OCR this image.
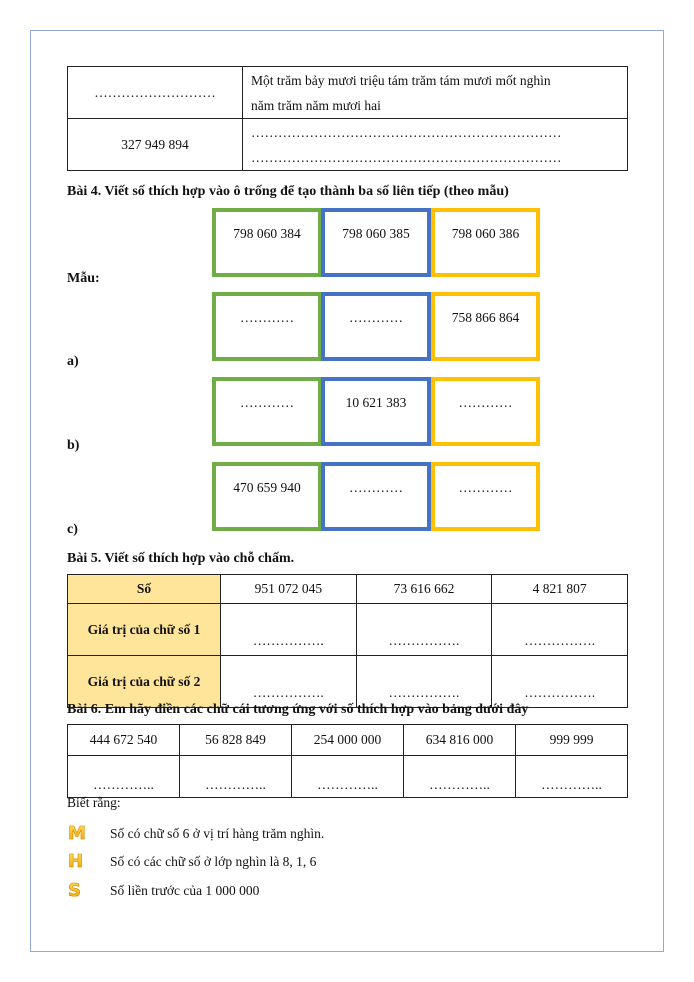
………………………	Một trăm bảy mươi triệu tám trăm tám mươi mốt nghìn
năm trăm năm mươi hai

327 949 894	……………………………………………………………
……………………………………………………………
Bài 4. Viết số thích hợp vào ô trống để tạo thành ba số liên tiếp (theo mẫu)
Mẫu:
798 060 384	798 060 385	798 060 386
a)
…………	…………	758 866 864
b)
…………	10 621 383	…………
c)
470 659 940	…………	…………
Bài 5. Viết số thích hợp vào chỗ chấm.
Số	951 072 045	73 616 662	4 821 807
Giá trị của chữ số 1	…………….	…………….	…………….
Giá trị của chữ số 2	…………….	…………….	…………….
Bài 6. Em hãy điền các chữ cái tương ứng với số thích hợp vào bảng dưới đây
444 672 540	56 828 849	254 000 000	634 816 000	999 999
…………..	…………..	…………..	…………..	…………..
Biết rằng:
M	Số có chữ số 6 ở vị trí hàng trăm nghìn.
H	Số có các chữ số ở lớp nghìn là 8, 1, 6
S	Số liền trước của 1 000 000
